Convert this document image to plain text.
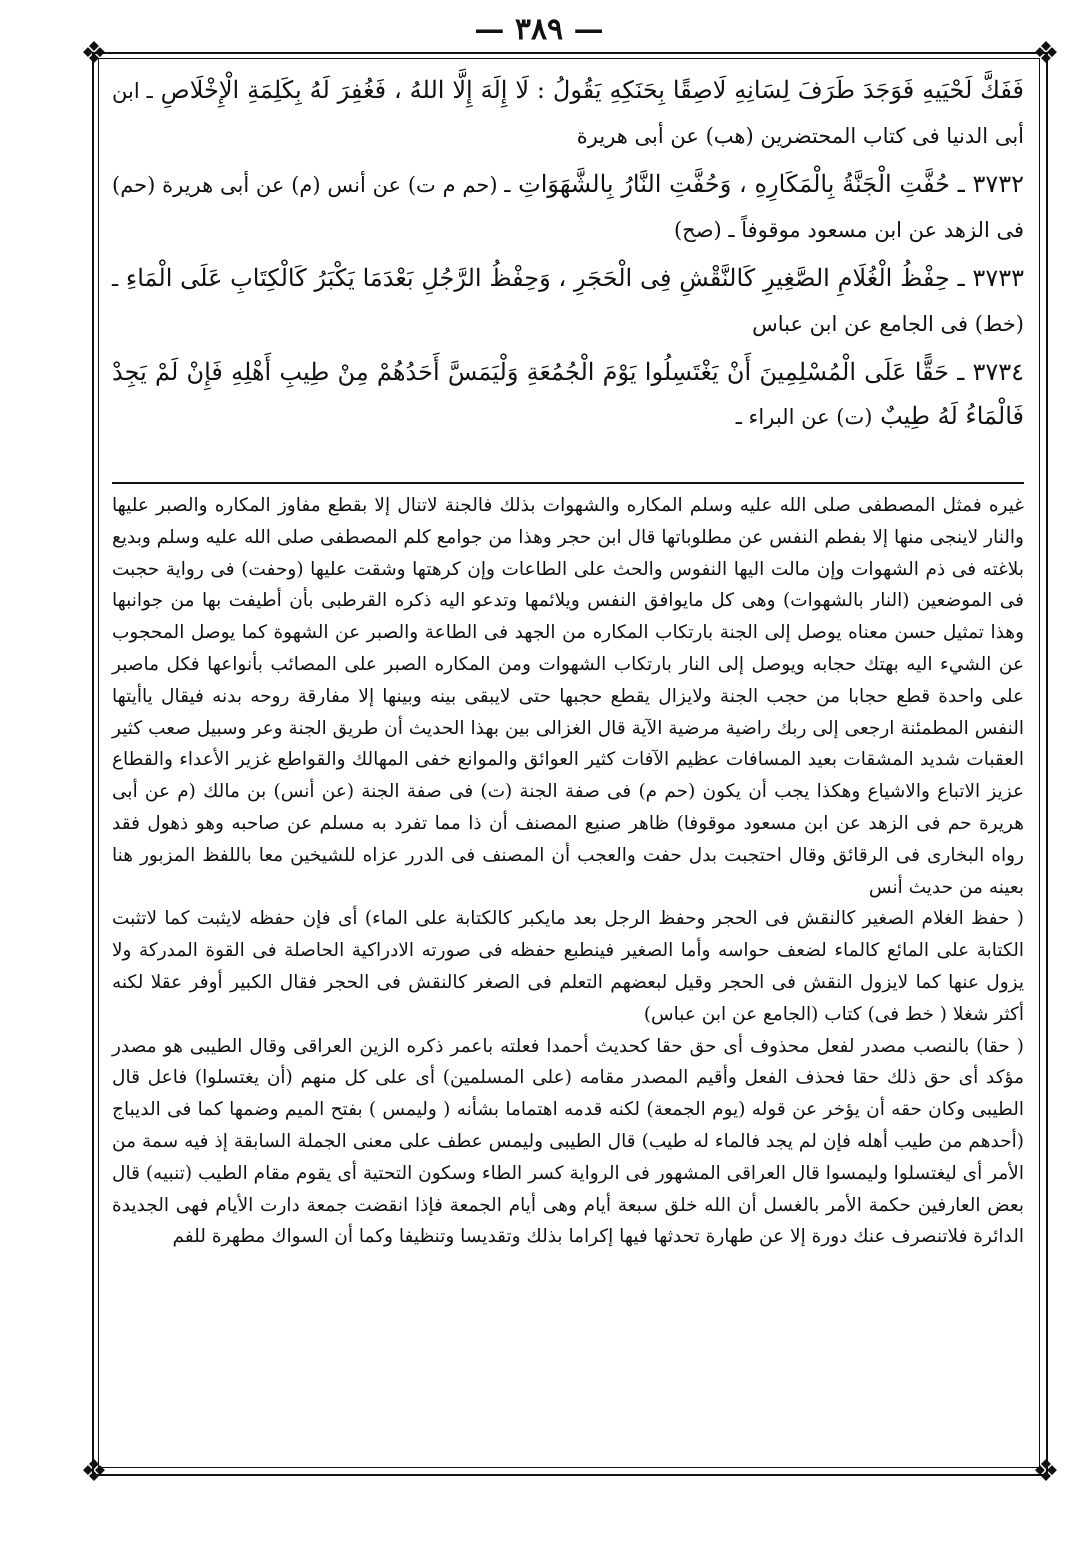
— ٣٨٩ —
❖	❖
❖	❖

فَفَكَّ لَحْيَيهِ فَوَجَدَ طَرَفَ لِسَانِهِ لَاصِقًا بِحَنَكِهِ يَقُولُ : لَا إِلَهَ إِلَّا اللهُ ، فَغُفِرَ لَهُ بِكَلِمَةِ الْإِخْلَاصِ ـ ابن أبى الدنيا فى كتاب المحتضرين (هب) عن أبى هريرة

٣٧٣٢ ـ حُفَّتِ الْجَنَّةُ بِالْمَكَارِهِ ، وَحُفَّتِ النَّارُ بِالشَّهَوَاتِ ـ (حم م ت) عن أنس (م) عن أبى هريرة (حم) فى الزهد عن ابن مسعود موقوفاً ـ (صح)

٣٧٣٣ ـ حِفْظُ الْغُلَامِ الصَّغِيرِ كَالنَّقْشِ فِى الْحَجَرِ ، وَحِفْظُ الرَّجُلِ بَعْدَمَا يَكْبَرُ كَالْكِتَابِ عَلَى الْمَاءِ ـ (خط) فى الجامع عن ابن عباس

٣٧٣٤ ـ حَقًّا عَلَى الْمُسْلِمِينَ أَنْ يَغْتَسِلُوا يَوْمَ الْجُمُعَةِ وَلْيَمَسَّ أَحَدُهُمْ مِنْ طِيبِ أَهْلِهِ فَإِنْ لَمْ يَجِدْ فَالْمَاءُ لَهُ طِيبٌ (ت) عن البراء ـ

غيره فمثل المصطفى صلى الله عليه وسلم المكاره والشهوات بذلك فالجنة لاتنال إلا بقطع مفاوز المكاره والصبر عليها والنار لاينجى منها إلا بفطم النفس عن مطلوباتها قال ابن حجر وهذا من جوامع كلم المصطفى صلى الله عليه وسلم وبديع بلاغته فى ذم الشهوات وإن مالت اليها النفوس والحث على الطاعات وإن كرهتها وشقت عليها (وحفت) فى رواية حجبت فى الموضعين (النار بالشهوات) وهى كل مايوافق النفس ويلائمها وتدعو اليه ذكره القرطبى بأن أطيفت بها من جوانبها وهذا تمثيل حسن معناه يوصل إلى الجنة بارتكاب المكاره من الجهد فى الطاعة والصبر عن الشهوة كما يوصل المحجوب عن الشيء اليه بهتك حجابه ويوصل إلى النار بارتكاب الشهوات ومن المكاره الصبر على المصائب بأنواعها فكل ماصبر على واحدة قطع حجابا من حجب الجنة ولايزال يقطع حجبها حتى لايبقى بينه وبينها إلا مفارقة روحه بدنه فيقال ياأيتها النفس المطمئنة ارجعى إلى ربك راضية مرضية الآية قال الغزالى بين بهذا الحديث أن طريق الجنة وعر وسبيل صعب كثير العقبات شديد المشقات بعيد المسافات عظيم الآفات كثير العوائق والموانع خفى المهالك والقواطع غزير الأعداء والقطاع عزيز الاتباع والاشياع وهكذا يجب أن يكون (حم م) فى صفة الجنة (ت) فى صفة الجنة (عن أنس) بن مالك (م عن أبى هريرة حم فى الزهد عن ابن مسعود موقوفا) ظاهر صنيع المصنف أن ذا مما تفرد به مسلم عن صاحبه وهو ذهول فقد رواه البخارى فى الرقائق وقال احتجبت بدل حفت والعجب أن المصنف فى الدرر عزاه للشيخين معا باللفظ المزبور هنا بعينه من حديث أنس

( حفظ الغلام الصغير كالنقش فى الحجر وحفظ الرجل بعد مايكبر كالكتابة على الماء) أى فإن حفظه لايثبت كما لاتثبت الكتابة على المائع كالماء لضعف حواسه وأما الصغير فينطبع حفظه فى صورته الادراكية الحاصلة فى القوة المدركة ولا يزول عنها كما لايزول النقش فى الحجر وقيل لبعضهم التعلم فى الصغر كالنقش فى الحجر فقال الكبير أوفر عقلا لكنه أكثر شغلا ( خط فى) كتاب (الجامع عن ابن عباس)

( حقا) بالنصب مصدر لفعل محذوف أى حق حقا كحديث أحمدا فعلته باعمر ذكره الزين العراقى وقال الطيبى هو مصدر مؤكد أى حق ذلك حقا فحذف الفعل وأقيم المصدر مقامه (على المسلمين) أى على كل منهم (أن يغتسلوا) فاعل قال الطيبى وكان حقه أن يؤخر عن قوله (يوم الجمعة) لكنه قدمه اهتماما بشأنه ( وليمس ) بفتح الميم وضمها كما فى الديباج (أحدهم من طيب أهله فإن لم يجد فالماء له طيب) قال الطيبى وليمس عطف على معنى الجملة السابقة إذ فيه سمة من الأمر أى ليغتسلوا وليمسوا قال العراقى المشهور فى الرواية كسر الطاء وسكون التحتية أى يقوم مقام الطيب (تنبيه) قال بعض العارفين حكمة الأمر بالغسل أن الله خلق سبعة أيام وهى أيام الجمعة فإذا انقضت جمعة دارت الأيام فهى الجديدة الدائرة فلاتنصرف عنك دورة إلا عن طهارة تحدثها فيها إكراما بذلك وتقديسا وتنظيفا وكما أن السواك مطهرة للفم
